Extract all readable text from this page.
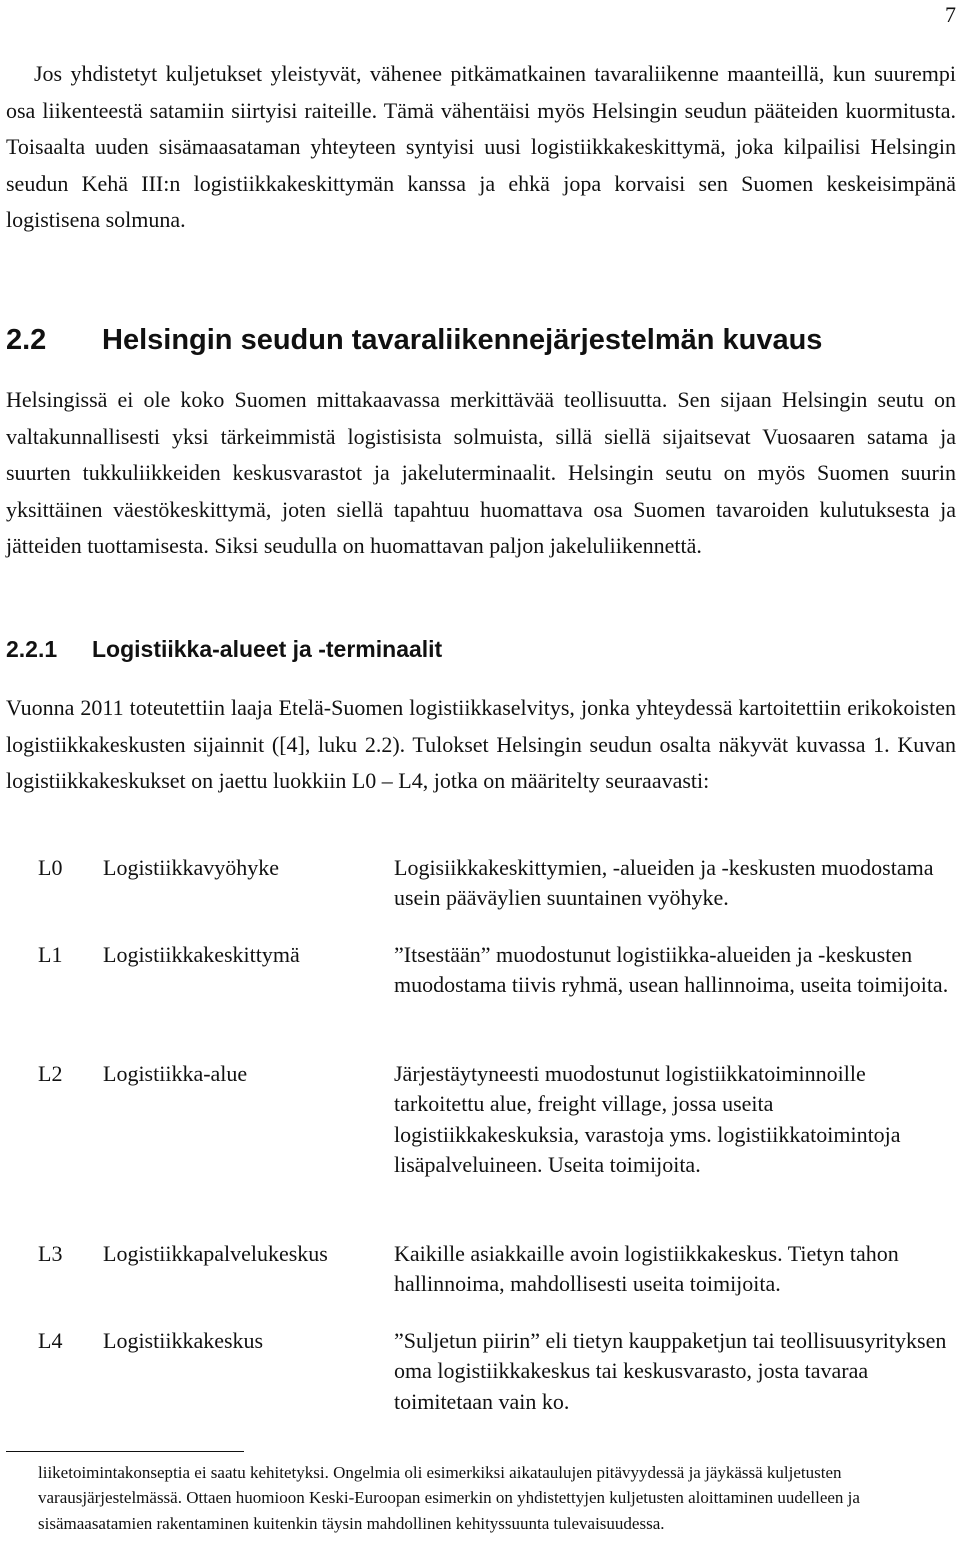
7

Jos yhdistetyt kuljetukset yleistyvät, vähenee pitkämatkainen tavaraliikenne maanteillä, kun suurempi osa liikenteestä satamiin siirtyisi raiteille. Tämä vähentäisi myös Helsingin seudun pääteiden kuormitusta. Toisaalta uuden sisämaasataman yhteyteen syntyisi uusi logistiikkakeskittymä, joka kilpailisi Helsingin seudun Kehä III:n logistiikkakeskittymän kanssa ja ehkä jopa korvaisi sen Suomen keskeisimpänä logistisena solmuna.

2.2 Helsingin seudun tavaraliikennejärjestelmän kuvaus

Helsingissä ei ole koko Suomen mittakaavassa merkittävää teollisuutta. Sen sijaan Helsingin seutu on valtakunnallisesti yksi tärkeimmistä logistisista solmuista, sillä siellä sijaitsevat Vuosaaren satama ja suurten tukkuliikkeiden keskusvarastot ja jakeluterminaalit. Helsingin seutu on myös Suomen suurin yksittäinen väestökeskittymä, joten siellä tapahtuu huomattava osa Suomen tavaroiden kulutuksesta ja jätteiden tuottamisesta. Siksi seudulla on huomattavan paljon jakeluliikennettä.

2.2.1 Logistiikka-alueet ja -terminaalit

Vuonna 2011 toteutettiin laaja Etelä-Suomen logistiikkaselvitys, jonka yhteydessä kartoitettiin erikokoisten logistiikkakeskusten sijainnit ([4], luku 2.2). Tulokset Helsingin seudun osalta näkyvät kuvassa 1. Kuvan logistiikkakeskukset on jaettu luokkiin L0 – L4, jotka on määritelty seuraavasti:

L0 Logistiikkavyöhyke	Logisiikkakeskittymien, -alueiden ja -keskusten muodostama usein pääväylien suuntainen vyöhyke.
L1 Logistiikkakeskittymä	”Itsestään” muodostunut logistiikka-alueiden ja -keskusten muodostama tiivis ryhmä, usean hallinnoima, useita toimijoita.
L2 Logistiikka-alue	Järjestäytyneesti muodostunut logistiikkatoiminnoille tarkoitettu alue, freight village, jossa useita logistiikkakeskuksia, varastoja yms. logistiikkatoimintoja lisäpalveluineen. Useita toimijoita.
L3 Logistiikkapalvelukeskus	Kaikille asiakkaille avoin logistiikkakeskus. Tietyn tahon hallinnoima, mahdollisesti useita toimijoita.
L4 Logistiikkakeskus	”Suljetun piirin” eli tietyn kauppaketjun tai teollisuusyrityksen oma logistiikkakeskus tai keskusvarasto, josta tavaraa toimitetaan vain ko.

liiketoimintakonseptia ei saatu kehitetyksi. Ongelmia oli esimerkiksi aikataulujen pitävyydessä ja jäykässä kuljetusten varausjärjestelmässä. Ottaen huomioon Keski-Euroopan esimerkin on yhdistettyjen kuljetusten aloittaminen uudelleen ja sisämaasatamien rakentaminen kuitenkin täysin mahdollinen kehityssuunta tulevaisuudessa.
